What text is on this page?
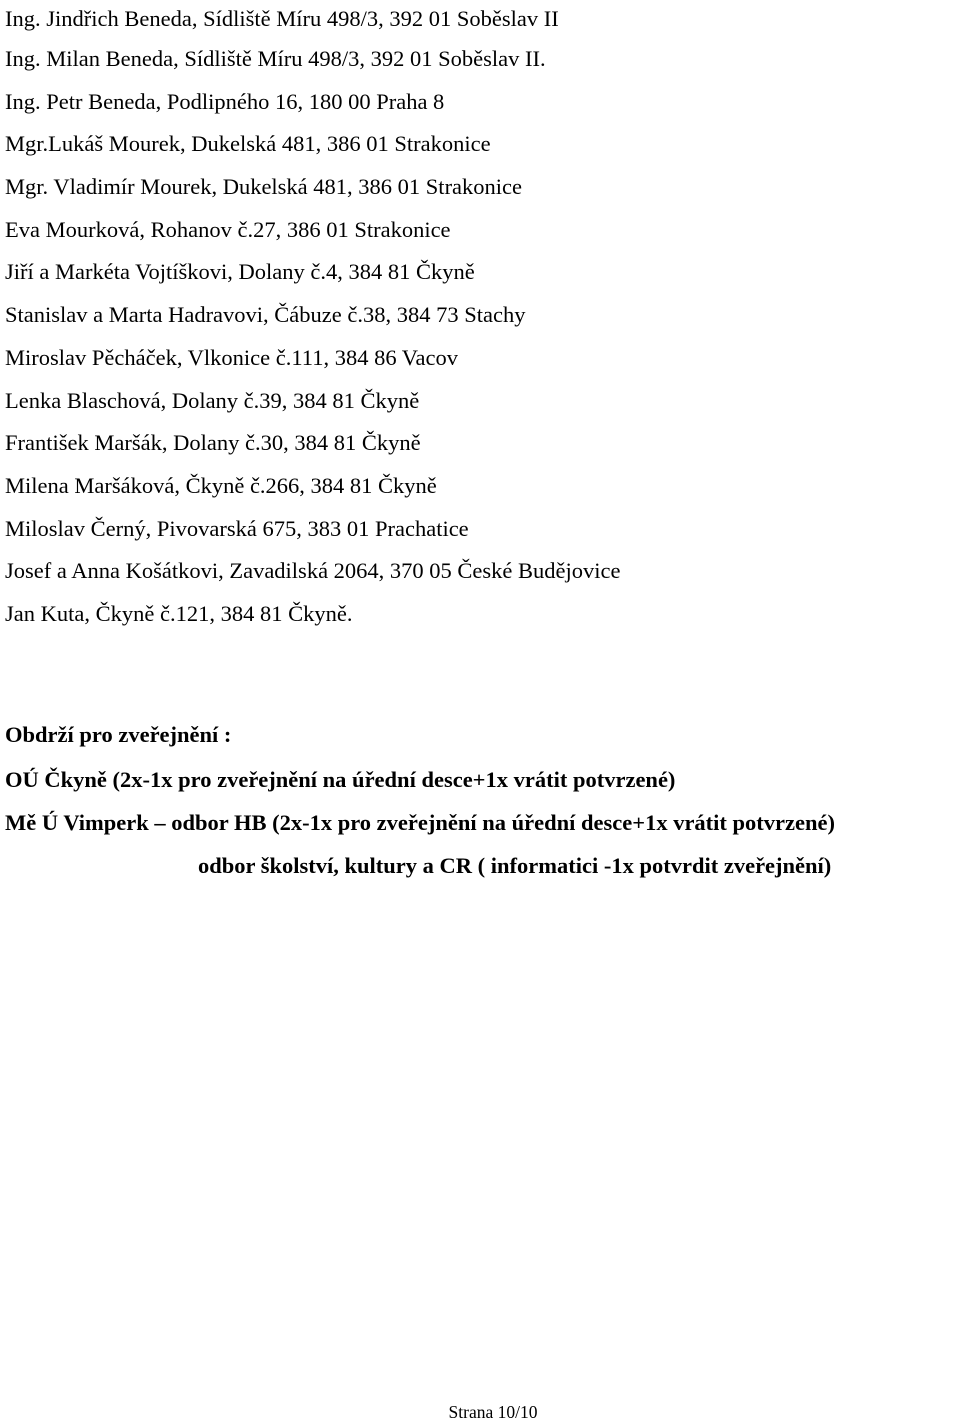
Ing. Jindřich Beneda, Sídliště Míru 498/3, 392 01 Soběslav II
Ing. Milan Beneda, Sídliště Míru 498/3, 392 01 Soběslav II.
Ing. Petr Beneda, Podlipného 16, 180 00 Praha 8
Mgr.Lukáš Mourek, Dukelská 481, 386 01 Strakonice
Mgr. Vladimír Mourek, Dukelská 481, 386 01 Strakonice
Eva Mourková, Rohanov č.27, 386 01 Strakonice
Jiří a Markéta Vojtíškovi, Dolany č.4, 384 81 Čkyně
Stanislav a Marta Hadravovi, Čábuze č.38, 384 73 Stachy
Miroslav Pěcháček, Vlkonice č.111, 384 86 Vacov
Lenka Blaschová, Dolany č.39, 384 81 Čkyně
František Maršák, Dolany č.30, 384 81 Čkyně
Milena Maršáková, Čkyně č.266, 384 81 Čkyně
Miloslav Černý, Pivovarská 675, 383 01 Prachatice
Josef a Anna Košátkovi, Zavadilská 2064, 370 05 České Budějovice
Jan Kuta, Čkyně č.121, 384 81 Čkyně.
Obdrží pro zveřejnění :
OÚ Čkyně (2x-1x pro zveřejnění na úřední desce+1x vrátit potvrzené)
Mě Ú Vimperk – odbor HB (2x-1x pro zveřejnění na úřední desce+1x vrátit potvrzené)
odbor školství, kultury a CR ( informatici -1x potvrdit zveřejnění)
Strana 10/10
